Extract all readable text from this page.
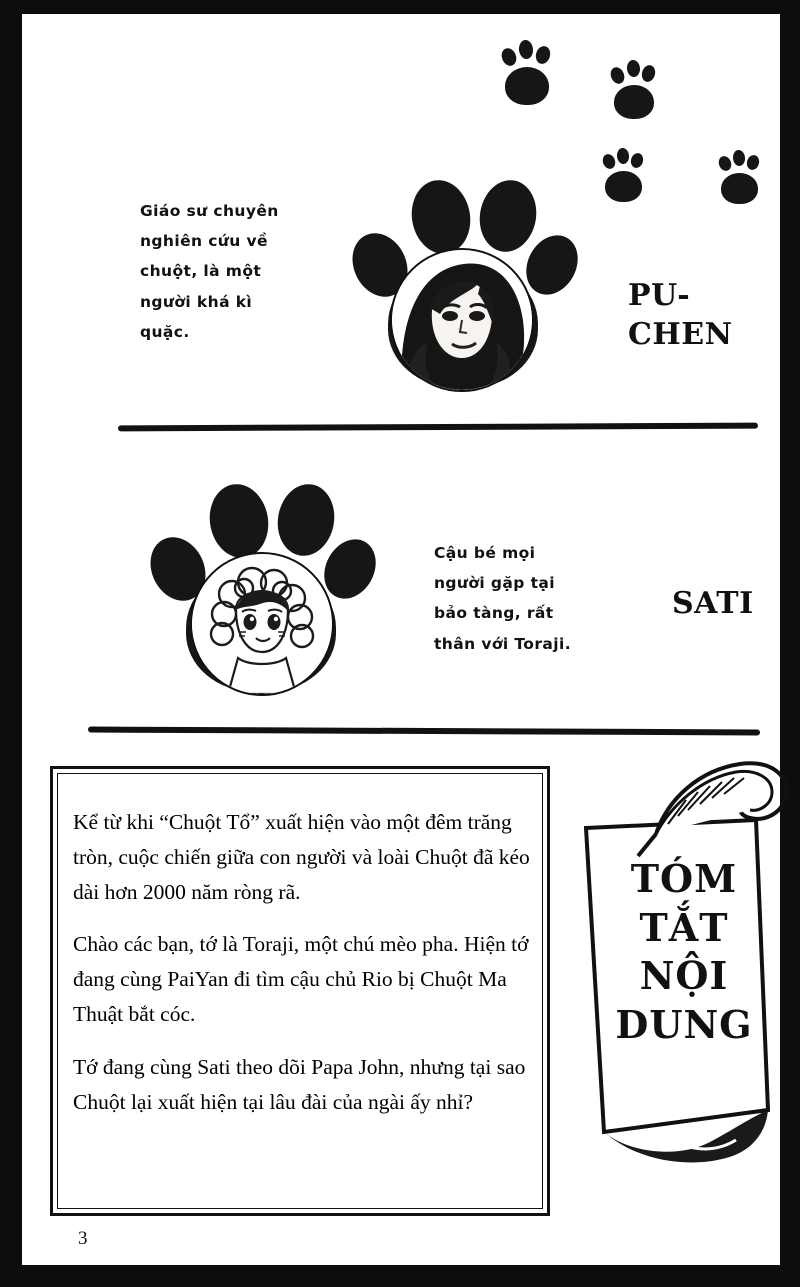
Giáo sư chuyên
nghiên cứu về
chuột, là một
người khá kì
quặc.
PU- CHEN
Cậu bé mọi
người gặp tại
bảo tàng, rất
thân với Toraji.
SATI

Kể từ khi “Chuột Tổ” xuất hiện vào một đêm trăng tròn, cuộc chiến giữa con người và loài Chuột đã kéo dài hơn 2000 năm ròng rã.

Chào các bạn, tớ là Toraji, một chú mèo pha. Hiện tớ đang cùng PaiYan đi tìm cậu chủ Rio bị Chuột Ma Thuật bắt cóc.

Tớ đang cùng Sati theo dõi Papa John, nhưng tại sao Chuột lại xuất hiện tại lâu đài của ngài ấy nhỉ?

TÓM TẮT NỘI DUNG
3
